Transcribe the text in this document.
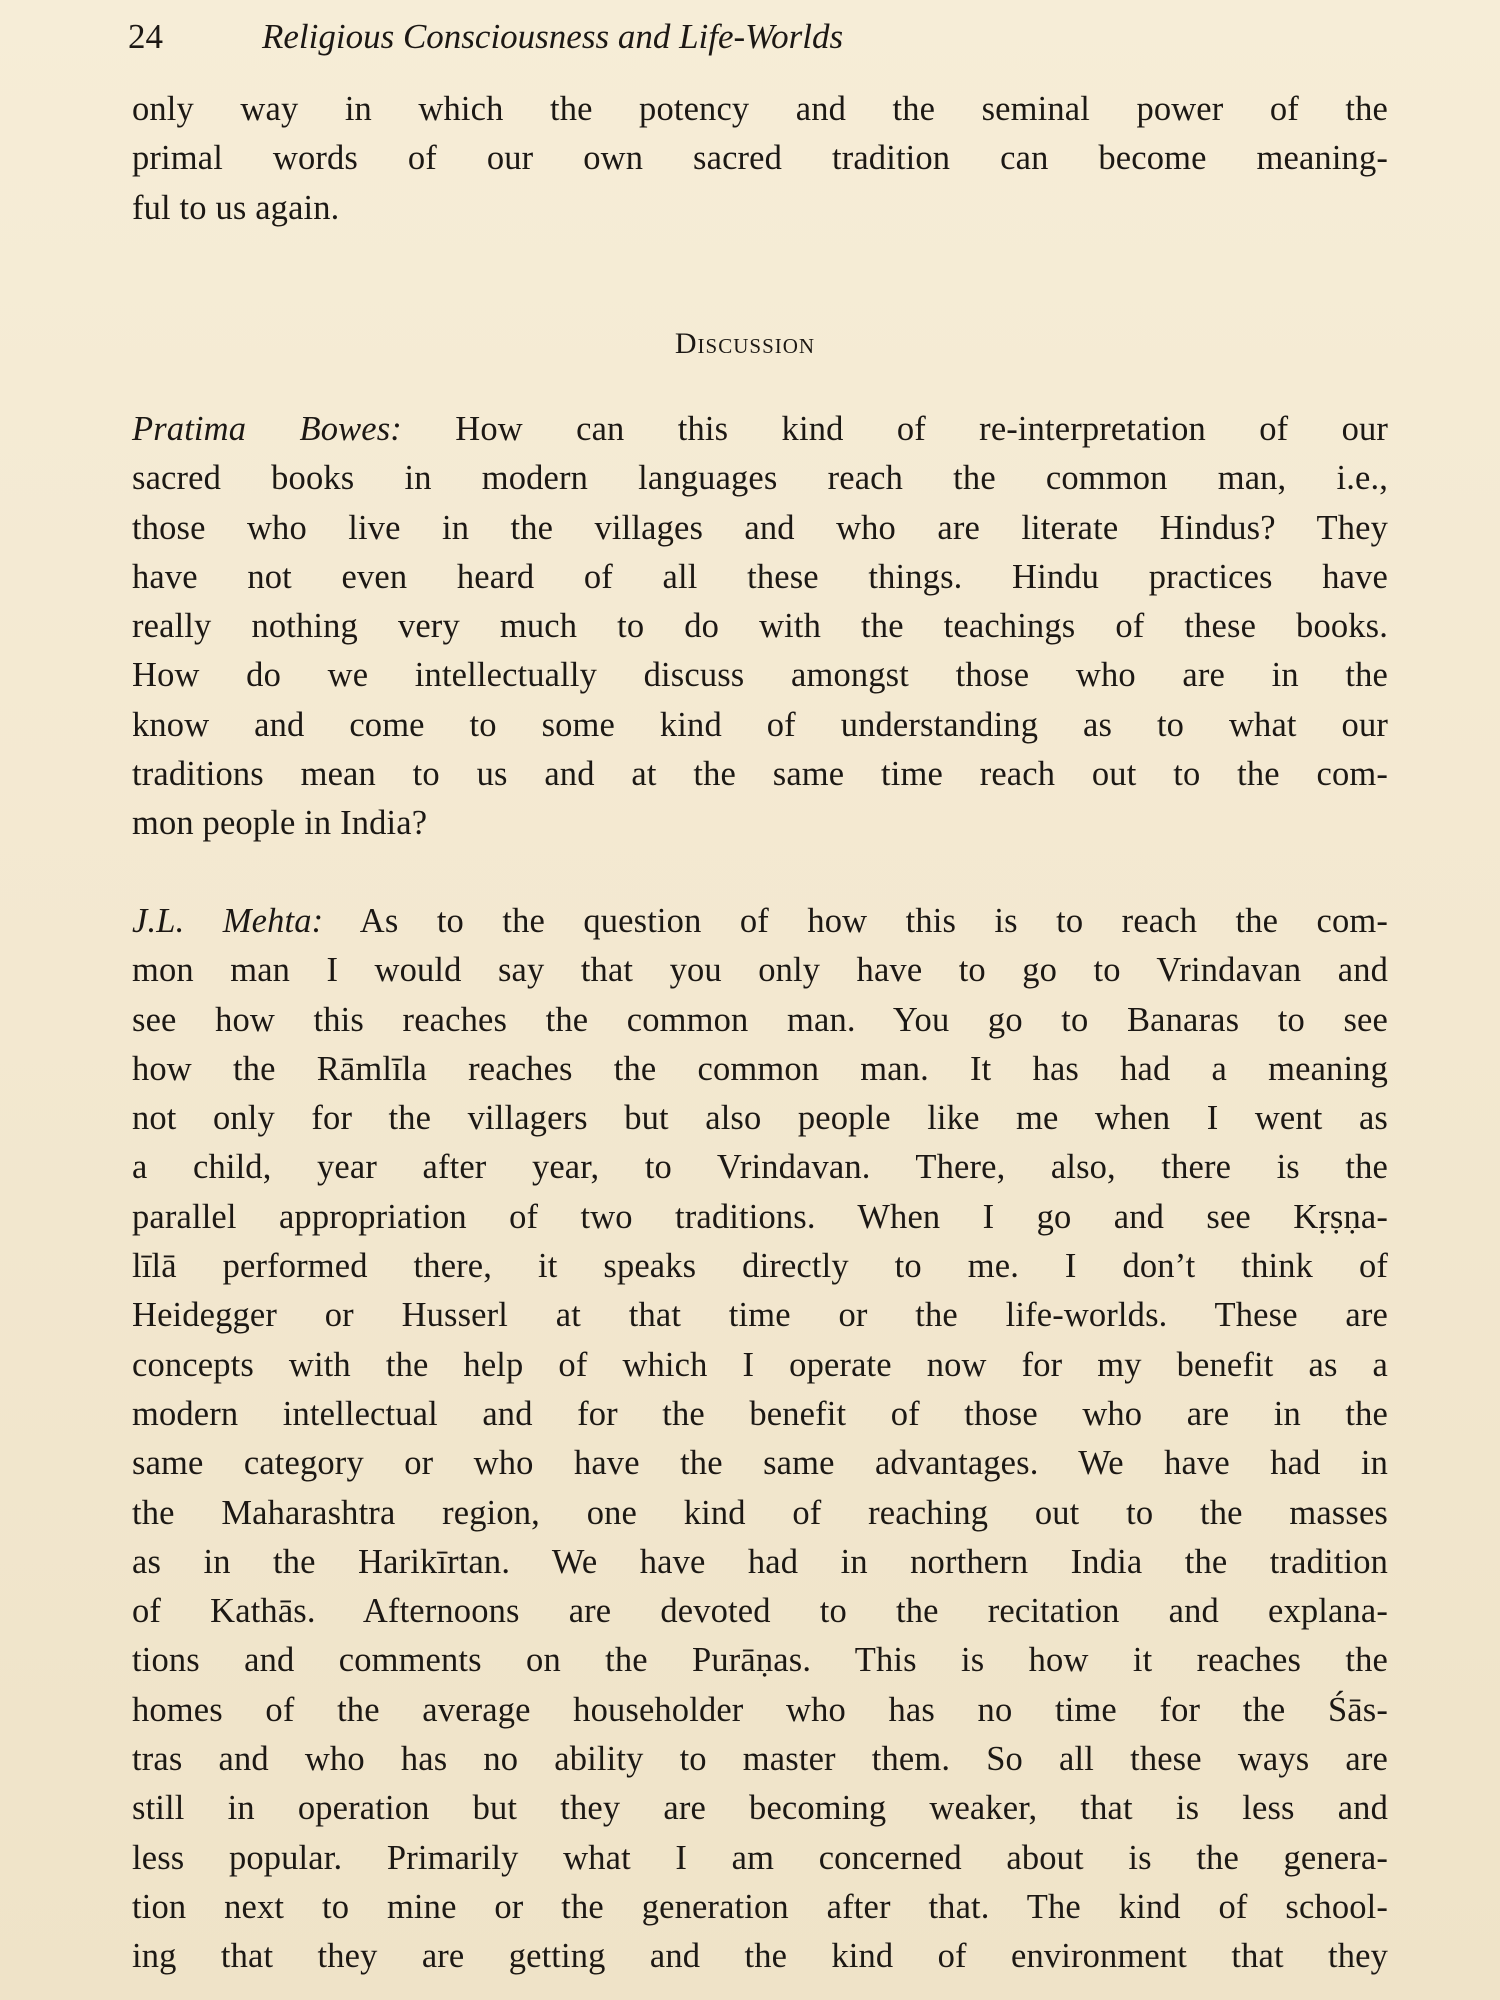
24	Religious Consciousness and Life-Worlds

only way in which the potency and the seminal power of the

primal words of our own sacred tradition can become meaning-

ful to us again.

Discussion

Pratima Bowes: How can this kind of re-interpretation of our

sacred books in modern languages reach the common man, i.e.,

those who live in the villages and who are literate Hindus? They

have not even heard of all these things. Hindu practices have

really nothing very much to do with the teachings of these books.

How do we intellectually discuss amongst those who are in the

know and come to some kind of understanding as to what our

traditions mean to us and at the same time reach out to the com-

mon people in India?

J.L. Mehta: As to the question of how this is to reach the com-

mon man I would say that you only have to go to Vrindavan and

see how this reaches the common man. You go to Banaras to see

how the Rāmlīla reaches the common man. It has had a meaning

not only for the villagers but also people like me when I went as

a child, year after year, to Vrindavan. There, also, there is the

parallel appropriation of two traditions. When I go and see Kṛṣṇa-

līlā performed there, it speaks directly to me. I don’t think of

Heidegger or Husserl at that time or the life-worlds. These are

concepts with the help of which I operate now for my benefit as a

modern intellectual and for the benefit of those who are in the

same category or who have the same advantages. We have had in

the Maharashtra region, one kind of reaching out to the masses

as in the Harikīrtan. We have had in northern India the tradition

of Kathās. Afternoons are devoted to the recitation and explana-

tions and comments on the Purāṇas. This is how it reaches the

homes of the average householder who has no time for the Śās-

tras and who has no ability to master them. So all these ways are

still in operation but they are becoming weaker, that is less and

less popular. Primarily what I am concerned about is the genera-

tion next to mine or the generation after that. The kind of school-

ing that they are getting and the kind of environment that they
